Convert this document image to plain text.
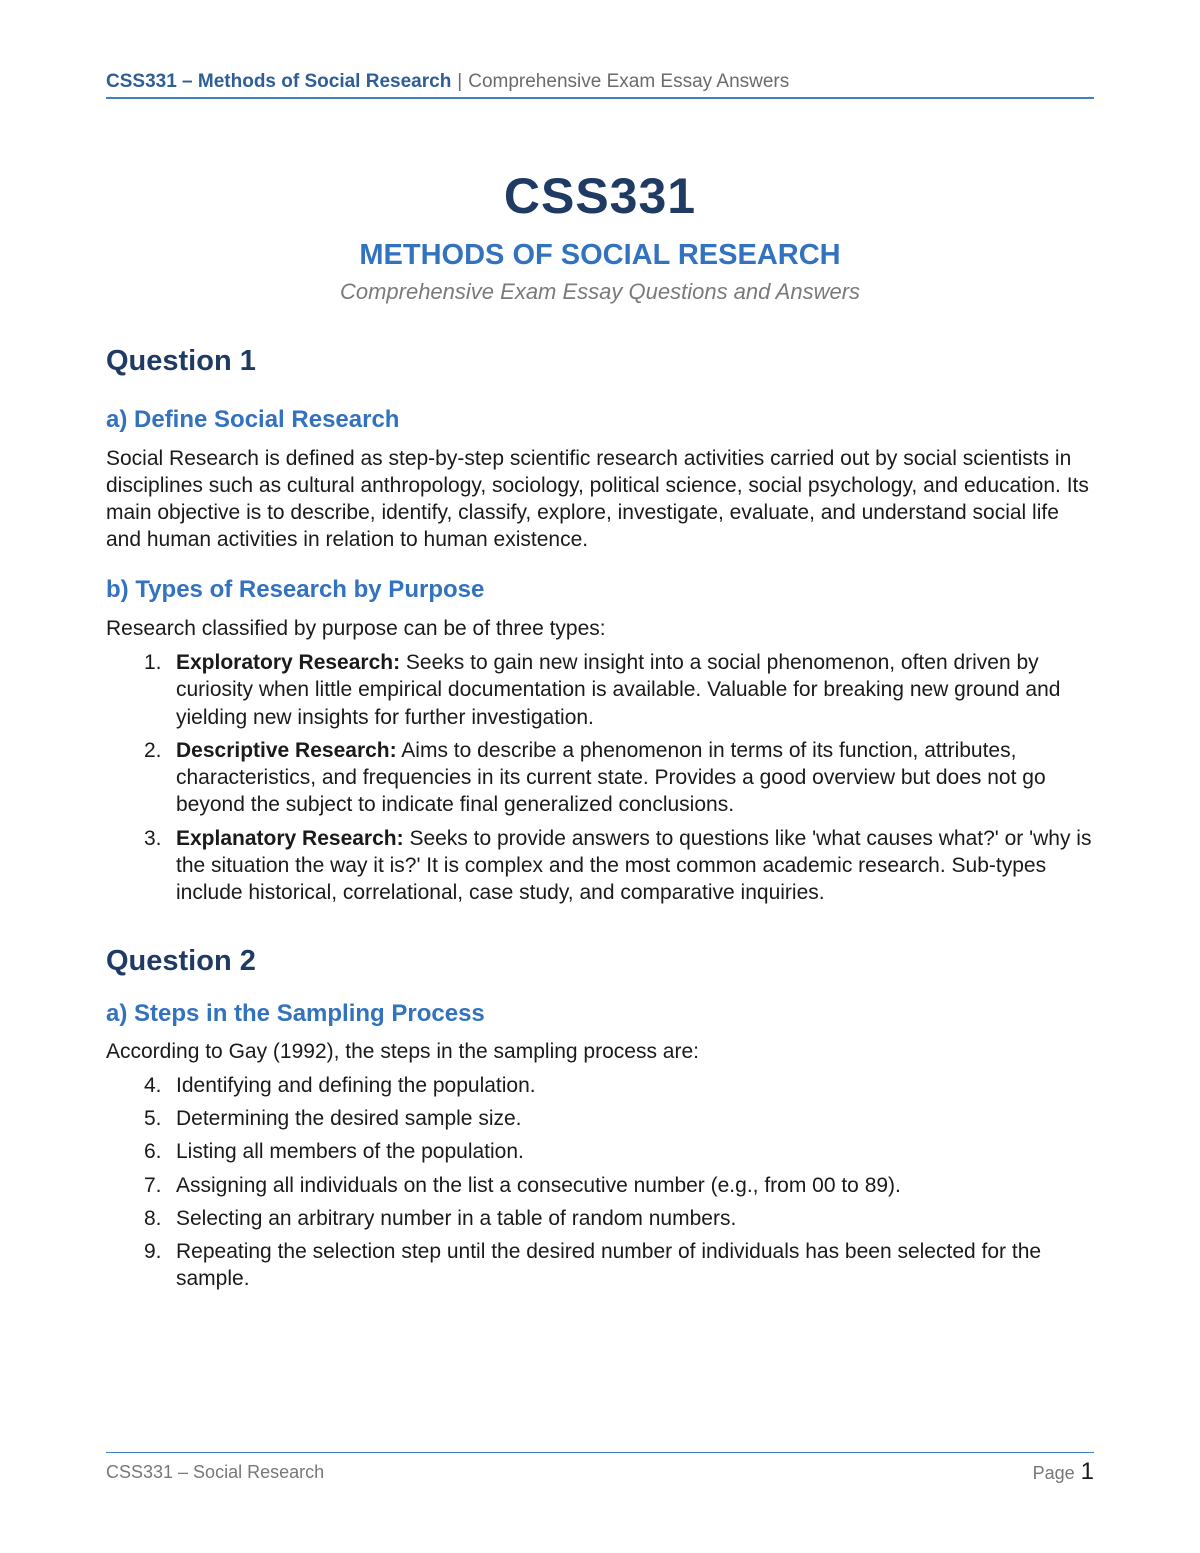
CSS331 – Methods of Social Research | Comprehensive Exam Essay Answers
CSS331
METHODS OF SOCIAL RESEARCH
Comprehensive Exam Essay Questions and Answers
Question 1
a) Define Social Research

Social Research is defined as step-by-step scientific research activities carried out by social scientists in disciplines such as cultural anthropology, sociology, political science, social psychology, and education. Its main objective is to describe, identify, classify, explore, investigate, evaluate, and understand social life and human activities in relation to human existence.

b) Types of Research by Purpose

Research classified by purpose can be of three types:

1. Exploratory Research: Seeks to gain new insight into a social phenomenon, often driven by curiosity when little empirical documentation is available. Valuable for breaking new ground and yielding new insights for further investigation.
2. Descriptive Research: Aims to describe a phenomenon in terms of its function, attributes, characteristics, and frequencies in its current state. Provides a good overview but does not go beyond the subject to indicate final generalized conclusions.
3. Explanatory Research: Seeks to provide answers to questions like 'what causes what?' or 'why is the situation the way it is?' It is complex and the most common academic research. Sub-types include historical, correlational, case study, and comparative inquiries.
Question 2
a) Steps in the Sampling Process

According to Gay (1992), the steps in the sampling process are:

4. Identifying and defining the population.
5. Determining the desired sample size.
6. Listing all members of the population.
7. Assigning all individuals on the list a consecutive number (e.g., from 00 to 89).
8. Selecting an arbitrary number in a table of random numbers.
9. Repeating the selection step until the desired number of individuals has been selected for the sample.
CSS331 – Social Research	Page 1
